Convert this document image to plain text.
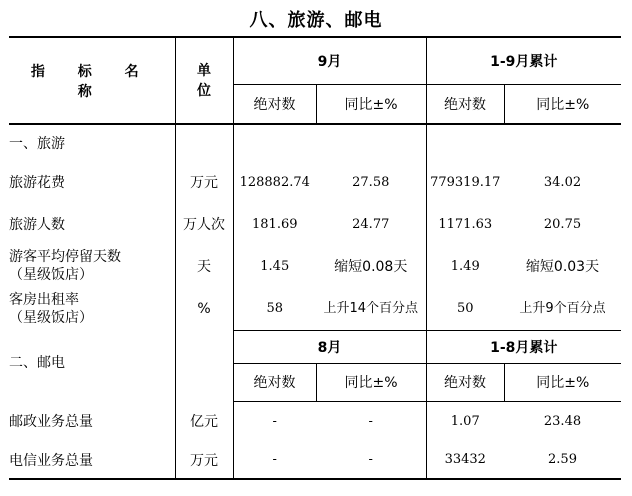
八、旅游、邮电
指 标 名 称	单
位	9月		1-9月累计	
		绝对数	同比±%	绝对数	同比±%
一、旅游					
旅游花费	万元	128882.74	27.58	779319.17	34.02
旅游人数	万人次	181.69	24.77	1171.63	20.75

游客平均停留天数
（星级饭店）	天	1.45	缩短0.08天	1.49	缩短0.03天

客房出租率
（星级饭店）	%	58	上升14个百分点	50	上升9个百分点
二、邮电		8月		1-8月累计	
		绝对数	同比±%	绝对数	同比±%
邮政业务总量	亿元	-	-	1.07	23.48
电信业务总量	万元	-	-	33432	2.59
